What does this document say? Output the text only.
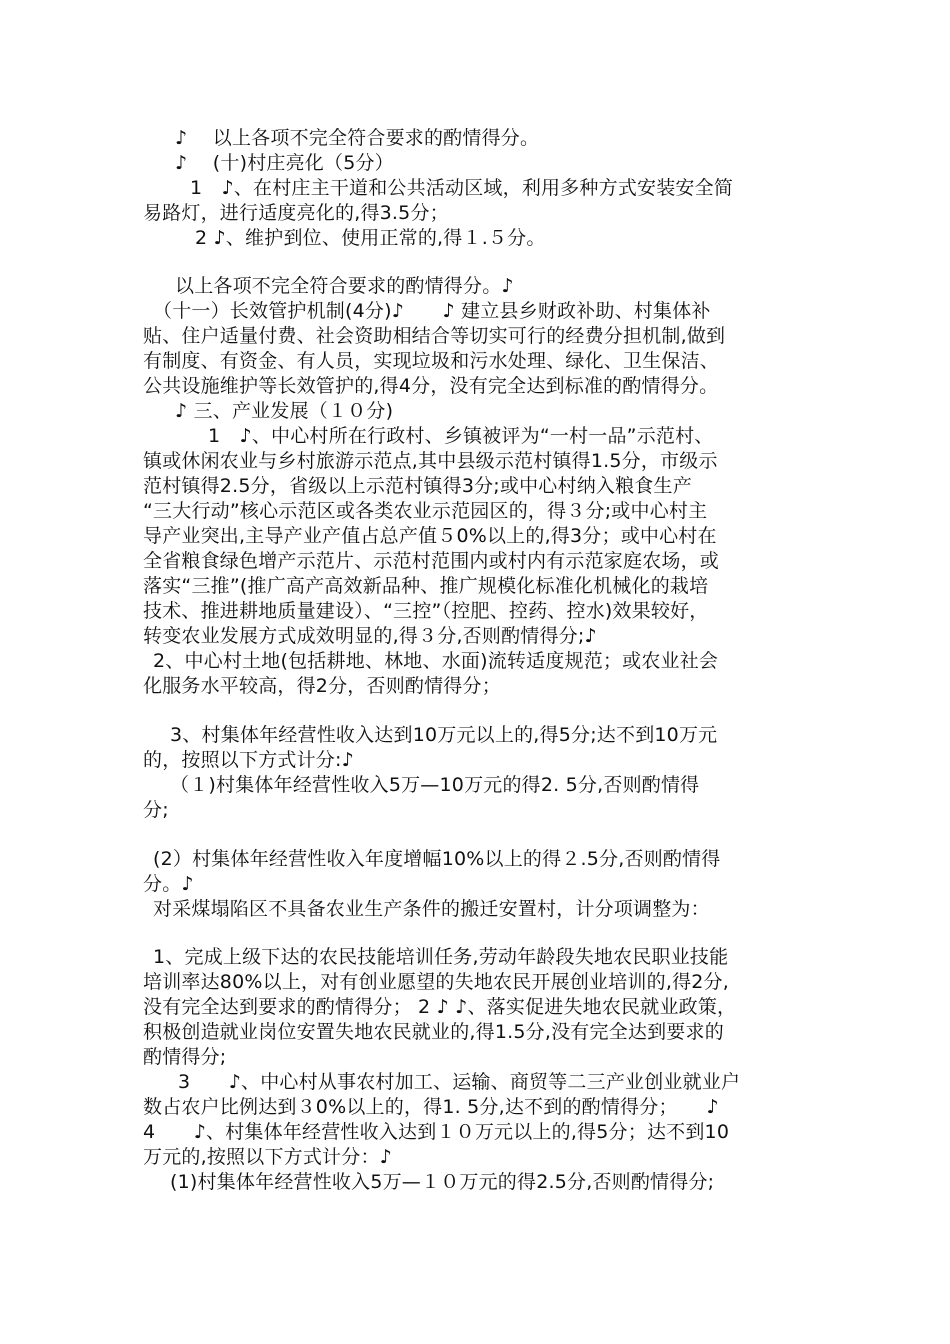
♪　 以上各项不完全符合要求的酌情得分。
♪　 (十)村庄亮化（5分）
1　♪、在村庄主干道和公共活动区域，利用多种方式安装安全简
易路灯，进行适度亮化的,得3.5分；
2 ♪、维护到位、使用正常的,得１.５分。
以上各项不完全符合要求的酌情得分。♪
（十一）长效管护机制(4分)♪　　♪ 建立县乡财政补助、村集体补
贴、住户适量付费、社会资助相结合等切实可行的经费分担机制,做到
有制度、有资金、有人员，实现垃圾和污水处理、绿化、卫生保洁、
公共设施维护等长效管护的,得4分，没有完全达到标准的酌情得分。
♪ 三、产业发展（１０分)
1　♪、中心村所在行政村、乡镇被评为“一村一品”示范村、
镇或休闲农业与乡村旅游示范点,其中县级示范村镇得1.5分，市级示
范村镇得2.5分，省级以上示范村镇得3分;或中心村纳入粮食生产
“三大行动”核心示范区或各类农业示范园区的，得３分;或中心村主
导产业突出,主导产业产值占总产值５0%以上的,得3分；或中心村在
全省粮食绿色增产示范片、示范村范围内或村内有示范家庭农场，或
落实“三推”(推广高产高效新品种、推广规模化标准化机械化的栽培
技术、推进耕地质量建设）、“三控”（控肥、控药、控水)效果较好，
转变农业发展方式成效明显的,得３分,否则酌情得分;♪
2、中心村土地(包括耕地、林地、水面)流转适度规范；或农业社会
化服务水平较高，得2分，否则酌情得分；
3、村集体年经营性收入达到10万元以上的,得5分;达不到10万元
的，按照以下方式计分:♪
（１)村集体年经营性收入5万—10万元的得2. 5分,否则酌情得
分;
(2）村集体年经营性收入年度增幅10%以上的得２.5分,否则酌情得
分。♪
对采煤塌陷区不具备农业生产条件的搬迁安置村，计分项调整为：
1、完成上级下达的农民技能培训任务,劳动年龄段失地农民职业技能
培训率达80%以上，对有创业愿望的失地农民开展创业培训的,得2分,
没有完全达到要求的酌情得分； 2 ♪ ♪、落实促进失地农民就业政策，
积极创造就业岗位安置失地农民就业的,得1.5分,没有完全达到要求的
酌情得分;
3　　♪、中心村从事农村加工、运输、商贸等二三产业创业就业户
数占农户比例达到３0%以上的，得1. 5分,达不到的酌情得分；　　♪
4　　♪、村集体年经营性收入达到１０万元以上的,得5分；达不到10
万元的,按照以下方式计分：♪
(1)村集体年经营性收入5万—１０万元的得2.5分,否则酌情得分;
